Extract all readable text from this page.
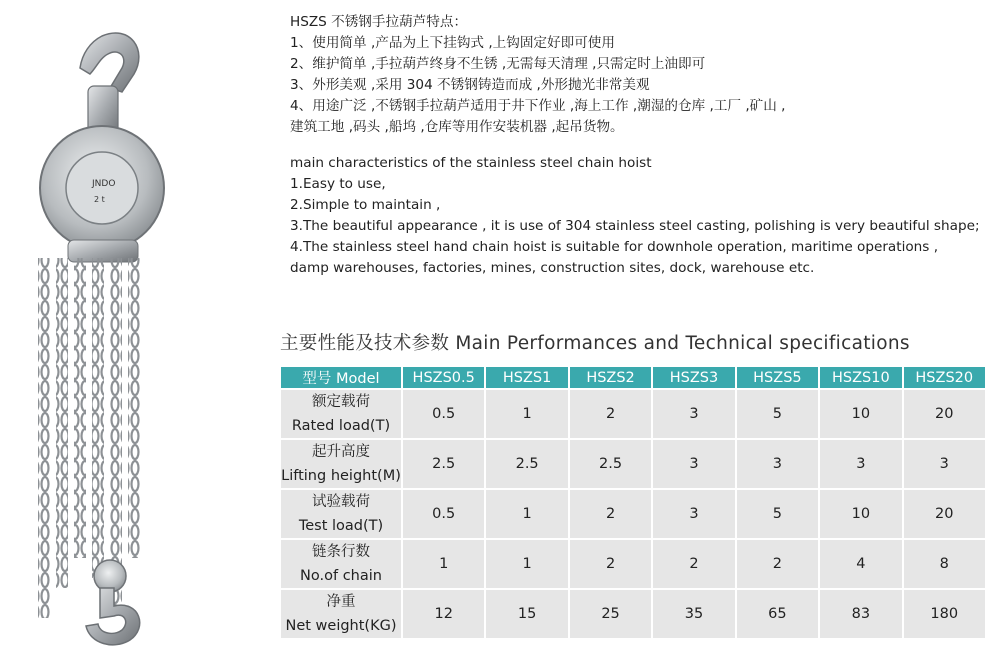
JNDO
2 t
HSZS 不锈钢手拉葫芦特点：
1、使用简单 ,产品为上下挂钩式 ,上钩固定好即可使用
2、维护简单 ,手拉葫芦终身不生锈 ,无需每天清理 ,只需定时上油即可
3、外形美观 ,采用 304 不锈钢铸造而成 ,外形抛光非常美观
4、用途广泛 ,不锈钢手拉葫芦适用于井下作业 ,海上工作 ,潮湿的仓库 ,工厂 ,矿山 ,
建筑工地 ,码头 ,船坞 ,仓库等用作安装机器 ,起吊货物。
main characteristics of the stainless steel chain hoist
1.Easy to use,
2.Simple to maintain ,
3.The beautiful appearance , it is use of 304 stainless steel casting, polishing is very beautiful shape;
4.The stainless steel hand chain hoist is suitable for downhole operation, maritime operations , damp warehouses, factories, mines, construction sites, dock, warehouse etc.
主要性能及技术参数 Main Performances and Technical specifications
型号 Model	HSZS0.5	HSZS1	HSZS2	HSZS3	HSZS5	HSZS10	HSZS20

额定载荷
Rated load(T)	0.5	1	2	3	5	10	20

起升高度
Lifting height(M)	2.5	2.5	2.5	3	3	3	3

试验载荷
Test load(T)	0.5	1	2	3	5	10	20

链条行数
No.of chain	1	1	2	2	2	4	8

净重
Net weight(KG)	12	15	25	35	65	83	180
